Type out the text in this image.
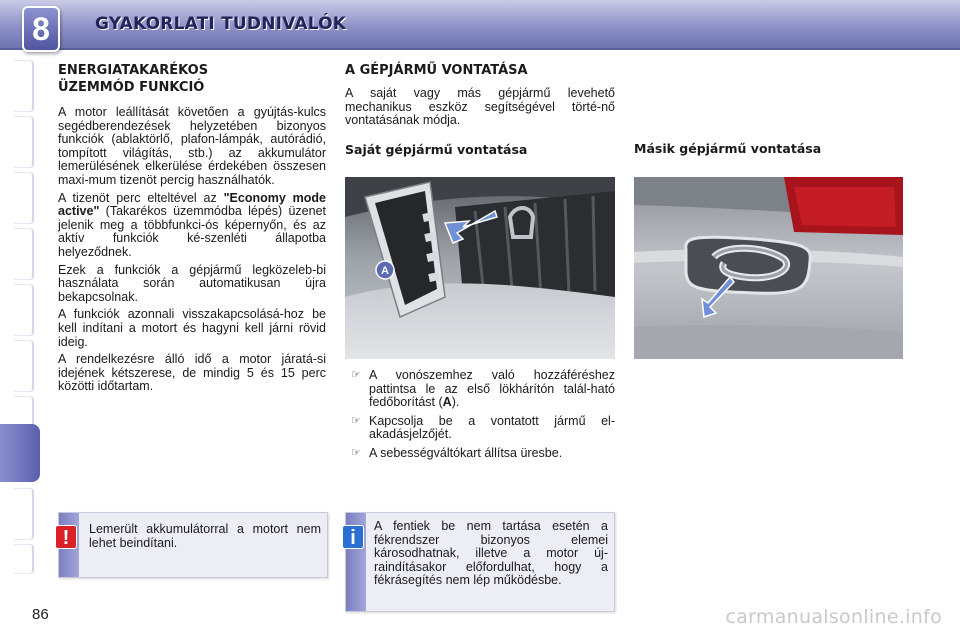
8	GYAKORLATI TUDNIVALÓK
ENERGIATAKARÉKOS
ÜZEMMÓD FUNKCIÓ

A motor leállítását követően a gyújtás-kulcs segédberendezések helyzetében bizonyos funkciók (ablaktörlő, plafon-lámpák, autórádió, tompított világítás, stb.) az akkumulátor lemerülésének elkerülése érdekében összesen maxi-mum tizenöt percig használhatók.

A tizenöt perc elteltével az "Economy mode active" (Takarékos üzemmódba lépés) üzenet jelenik meg a többfunkci-ós képernyőn, és az aktív funkciók ké-szenléti állapotba helyeződnek.

Ezek a funkciók a gépjármű legközeleb-bi használata során automatikusan újra bekapcsolnak.

A funkciók azonnali visszakapcsolásá-hoz be kell indítani a motort és hagyni kell járni rövid ideig.

A rendelkezésre álló idő a motor járatá-si idejének kétszerese, de mindig 5 és 15 perc közötti időtartam.

A GÉPJÁRMŰ VONTATÁSA

A saját vagy más gépjármű levehető mechanikus eszköz segítségével törté-nő vontatásának módja.

Saját gépjármű vontatása
A
☞ A vonószemhez való hozzáféréshez pattintsa le az első lökhárítón talál-ható fedőborítást (A).
☞ Kapcsolja be a vontatott jármű el-akadásjelzőjét.
☞ A sebességváltókart állítsa üresbe.
Másik gépjármű vontatása
!	Lemerült akkumulátorral a motort nem lehet beindítani.	i
A fentiek be nem tartása esetén a fékrendszer bizonyos elemei károsodhatnak, illetve a motor új-raindításakor előfordulhat, hogy a fékrásegítés nem lép működésbe.
86	carmanualsonline.info
